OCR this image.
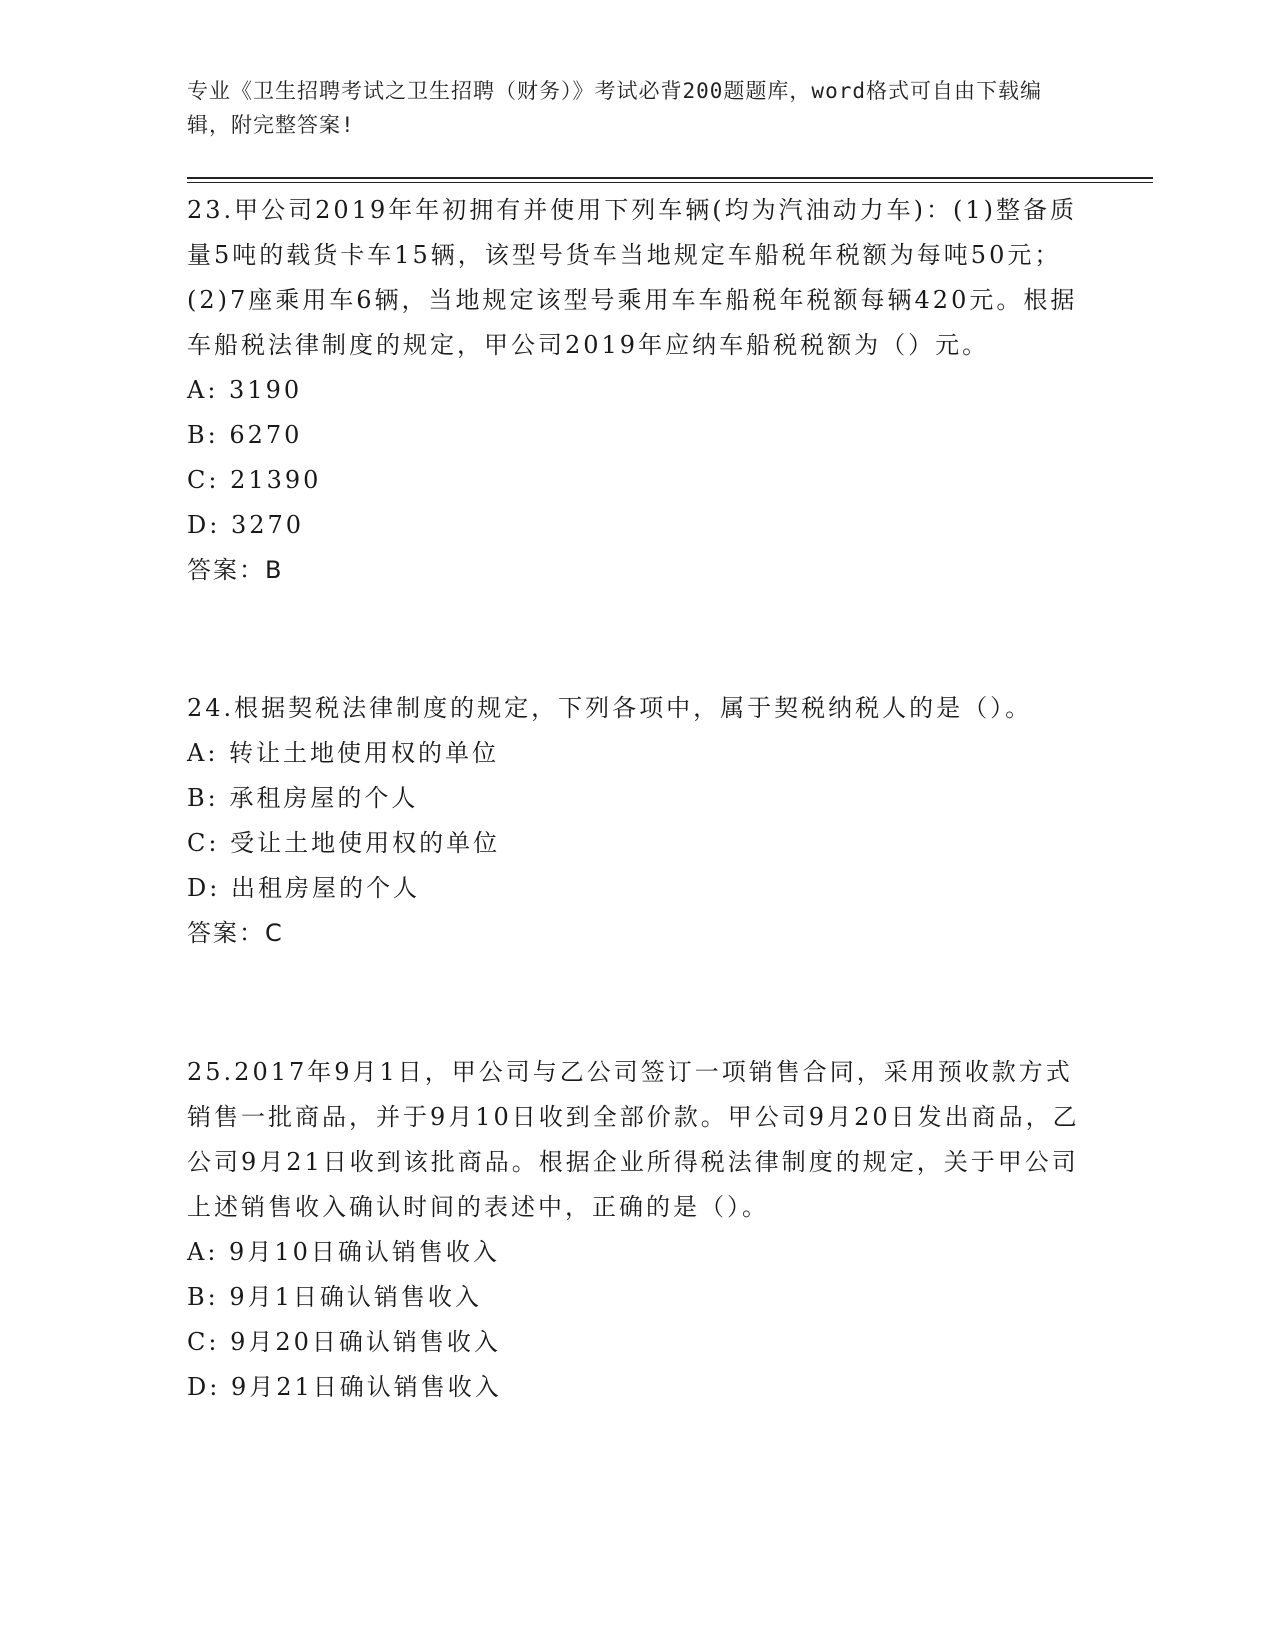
专业《卫生招聘考试之卫生招聘（财务）》考试必背200题题库，word格式可自由下载编辑，附完整答案!

23.甲公司2019年年初拥有并使用下列车辆(均为汽油动力车)：(1)整备质量5吨的载货卡车15辆，该型号货车当地规定车船税年税额为每吨50元；(2)7座乘用车6辆，当地规定该型号乘用车车船税年税额每辆420元。根据车船税法律制度的规定，甲公司2019年应纳车船税税额为（）元。

A: 3190

B: 6270

C: 21390

D: 3270

答案：B

24.根据契税法律制度的规定，下列各项中，属于契税纳税人的是（）。

A: 转让土地使用权的单位

B: 承租房屋的个人

C: 受让土地使用权的单位

D: 出租房屋的个人

答案：C

25.2017年9月1日，甲公司与乙公司签订一项销售合同，采用预收款方式销售一批商品，并于9月10日收到全部价款。甲公司9月20日发出商品，乙公司9月21日收到该批商品。根据企业所得税法律制度的规定，关于甲公司上述销售收入确认时间的表述中，正确的是（）。

A: 9月10日确认销售收入

B: 9月1日确认销售收入

C: 9月20日确认销售收入

D: 9月21日确认销售收入
